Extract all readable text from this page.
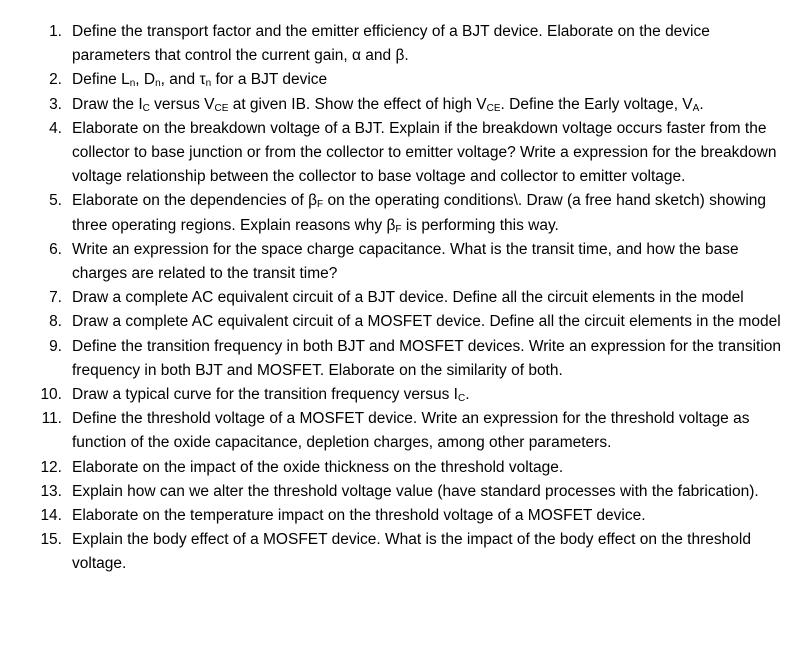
1. Define the transport factor and the emitter efficiency of a BJT device. Elaborate on the device parameters that control the current gain, α and β.
2. Define $L_n$, $D_n$, and $\tau_n$ for a BJT device
3. Draw the $I_C$ versus $V_{CE}$ at given IB. Show the effect of high $V_{CE}$. Define the Early voltage, $V_A$.
4. Elaborate on the breakdown voltage of a BJT. Explain if the breakdown voltage occurs faster from the collector to base junction or from the collector to emitter voltage? Write a expression for the breakdown voltage relationship between the collector to base voltage and collector to emitter voltage.
5. Elaborate on the dependencies of $\beta_F$ on the operating conditions\. Draw (a free hand sketch) showing three operating regions. Explain reasons why $\beta_F$ is performing this way.
6. Write an expression for the space charge capacitance. What is the transit time, and how the base charges are related to the transit time?
7. Draw a complete AC equivalent circuit of a BJT device. Define all the circuit elements in the model
8. Draw a complete AC equivalent circuit of a MOSFET device. Define all the circuit elements in the model
9. Define the transition frequency in both BJT and MOSFET devices. Write an expression for the transition frequency in both BJT and MOSFET. Elaborate on the similarity of both.
10. Draw a typical curve for the transition frequency versus $I_C$.
11. Define the threshold voltage of a MOSFET device. Write an expression for the threshold voltage as function of the oxide capacitance, depletion charges, among other parameters.
12. Elaborate on the impact of the oxide thickness on the threshold voltage.
13. Explain how can we alter the threshold voltage value (have standard processes with the fabrication).
14. Elaborate on the temperature impact on the threshold voltage of a MOSFET device.
15. Explain the body effect of a MOSFET device. What is the impact of the body effect on the threshold voltage.
